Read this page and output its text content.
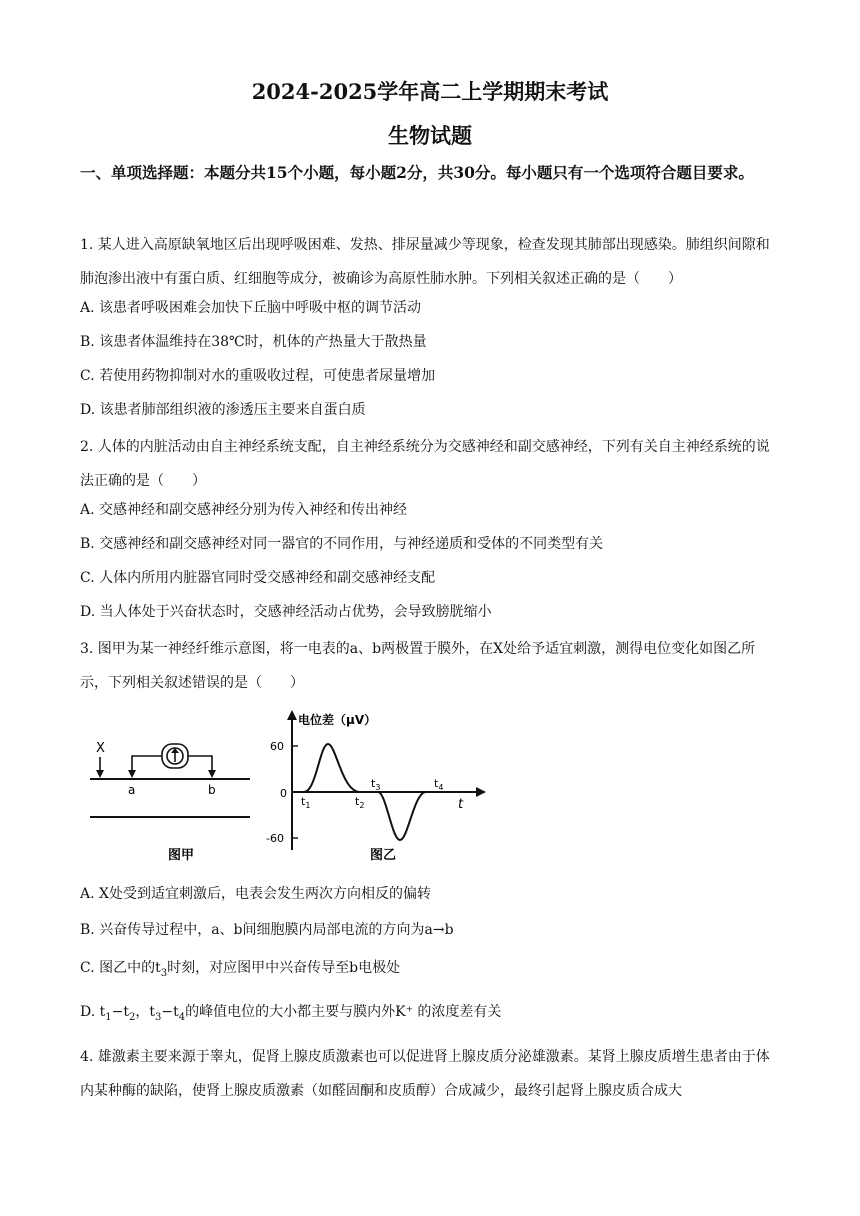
2024-2025学年高二上学期期末考试
生物试题
一、单项选择题：本题分共15个小题，每小题2分，共30分。每小题只有一个选项符合题目要求。
1. 某人进入高原缺氧地区后出现呼吸困难、发热、排尿量减少等现象，检查发现其肺部出现感染。肺组织间隙和肺泡渗出液中有蛋白质、红细胞等成分，被确诊为高原性肺水肿。下列相关叙述正确的是（　　）
A. 该患者呼吸困难会加快下丘脑中呼吸中枢的调节活动
B. 该患者体温维持在38℃时，机体的产热量大于散热量
C. 若使用药物抑制对水的重吸收过程，可使患者尿量增加
D. 该患者肺部组织液的渗透压主要来自蛋白质
2. 人体的内脏活动由自主神经系统支配，自主神经系统分为交感神经和副交感神经，下列有关自主神经系统的说法正确的是（　　）
A. 交感神经和副交感神经分别为传入神经和传出神经
B. 交感神经和副交感神经对同一器官的不同作用，与神经递质和受体的不同类型有关
C. 人体内所用内脏器官同时受交感神经和副交感神经支配
D. 当人体处于兴奋状态时，交感神经活动占优势，会导致膀胱缩小
3. 图甲为某一神经纤维示意图，将一电表的a、b两极置于膜外，在X处给予适宜刺激，测得电位变化如图乙所示，下列相关叙述错误的是（　　）
X
a	b
图甲
电位差（μV）
t
60
0
-60
$t_1$	$t_2$
$t_3$	$t_4$
图乙
A. X处受到适宜刺激后，电表会发生两次方向相反的偏转
B. 兴奋传导过程中，a、b间细胞膜内局部电流的方向为a→b
C. 图乙中的$t_3$时刻，对应图甲中兴奋传导至b电极处
D. $t_1-t_2$，$t_3-t_4$的峰值电位的大小都主要与膜内外K⁺ 的浓度差有关
4. 雄激素主要来源于睾丸，促肾上腺皮质激素也可以促进肾上腺皮质分泌雄激素。某肾上腺皮质增生患者由于体内某种酶的缺陷，使肾上腺皮质激素（如醛固酮和皮质醇）合成减少，最终引起肾上腺皮质合成大
